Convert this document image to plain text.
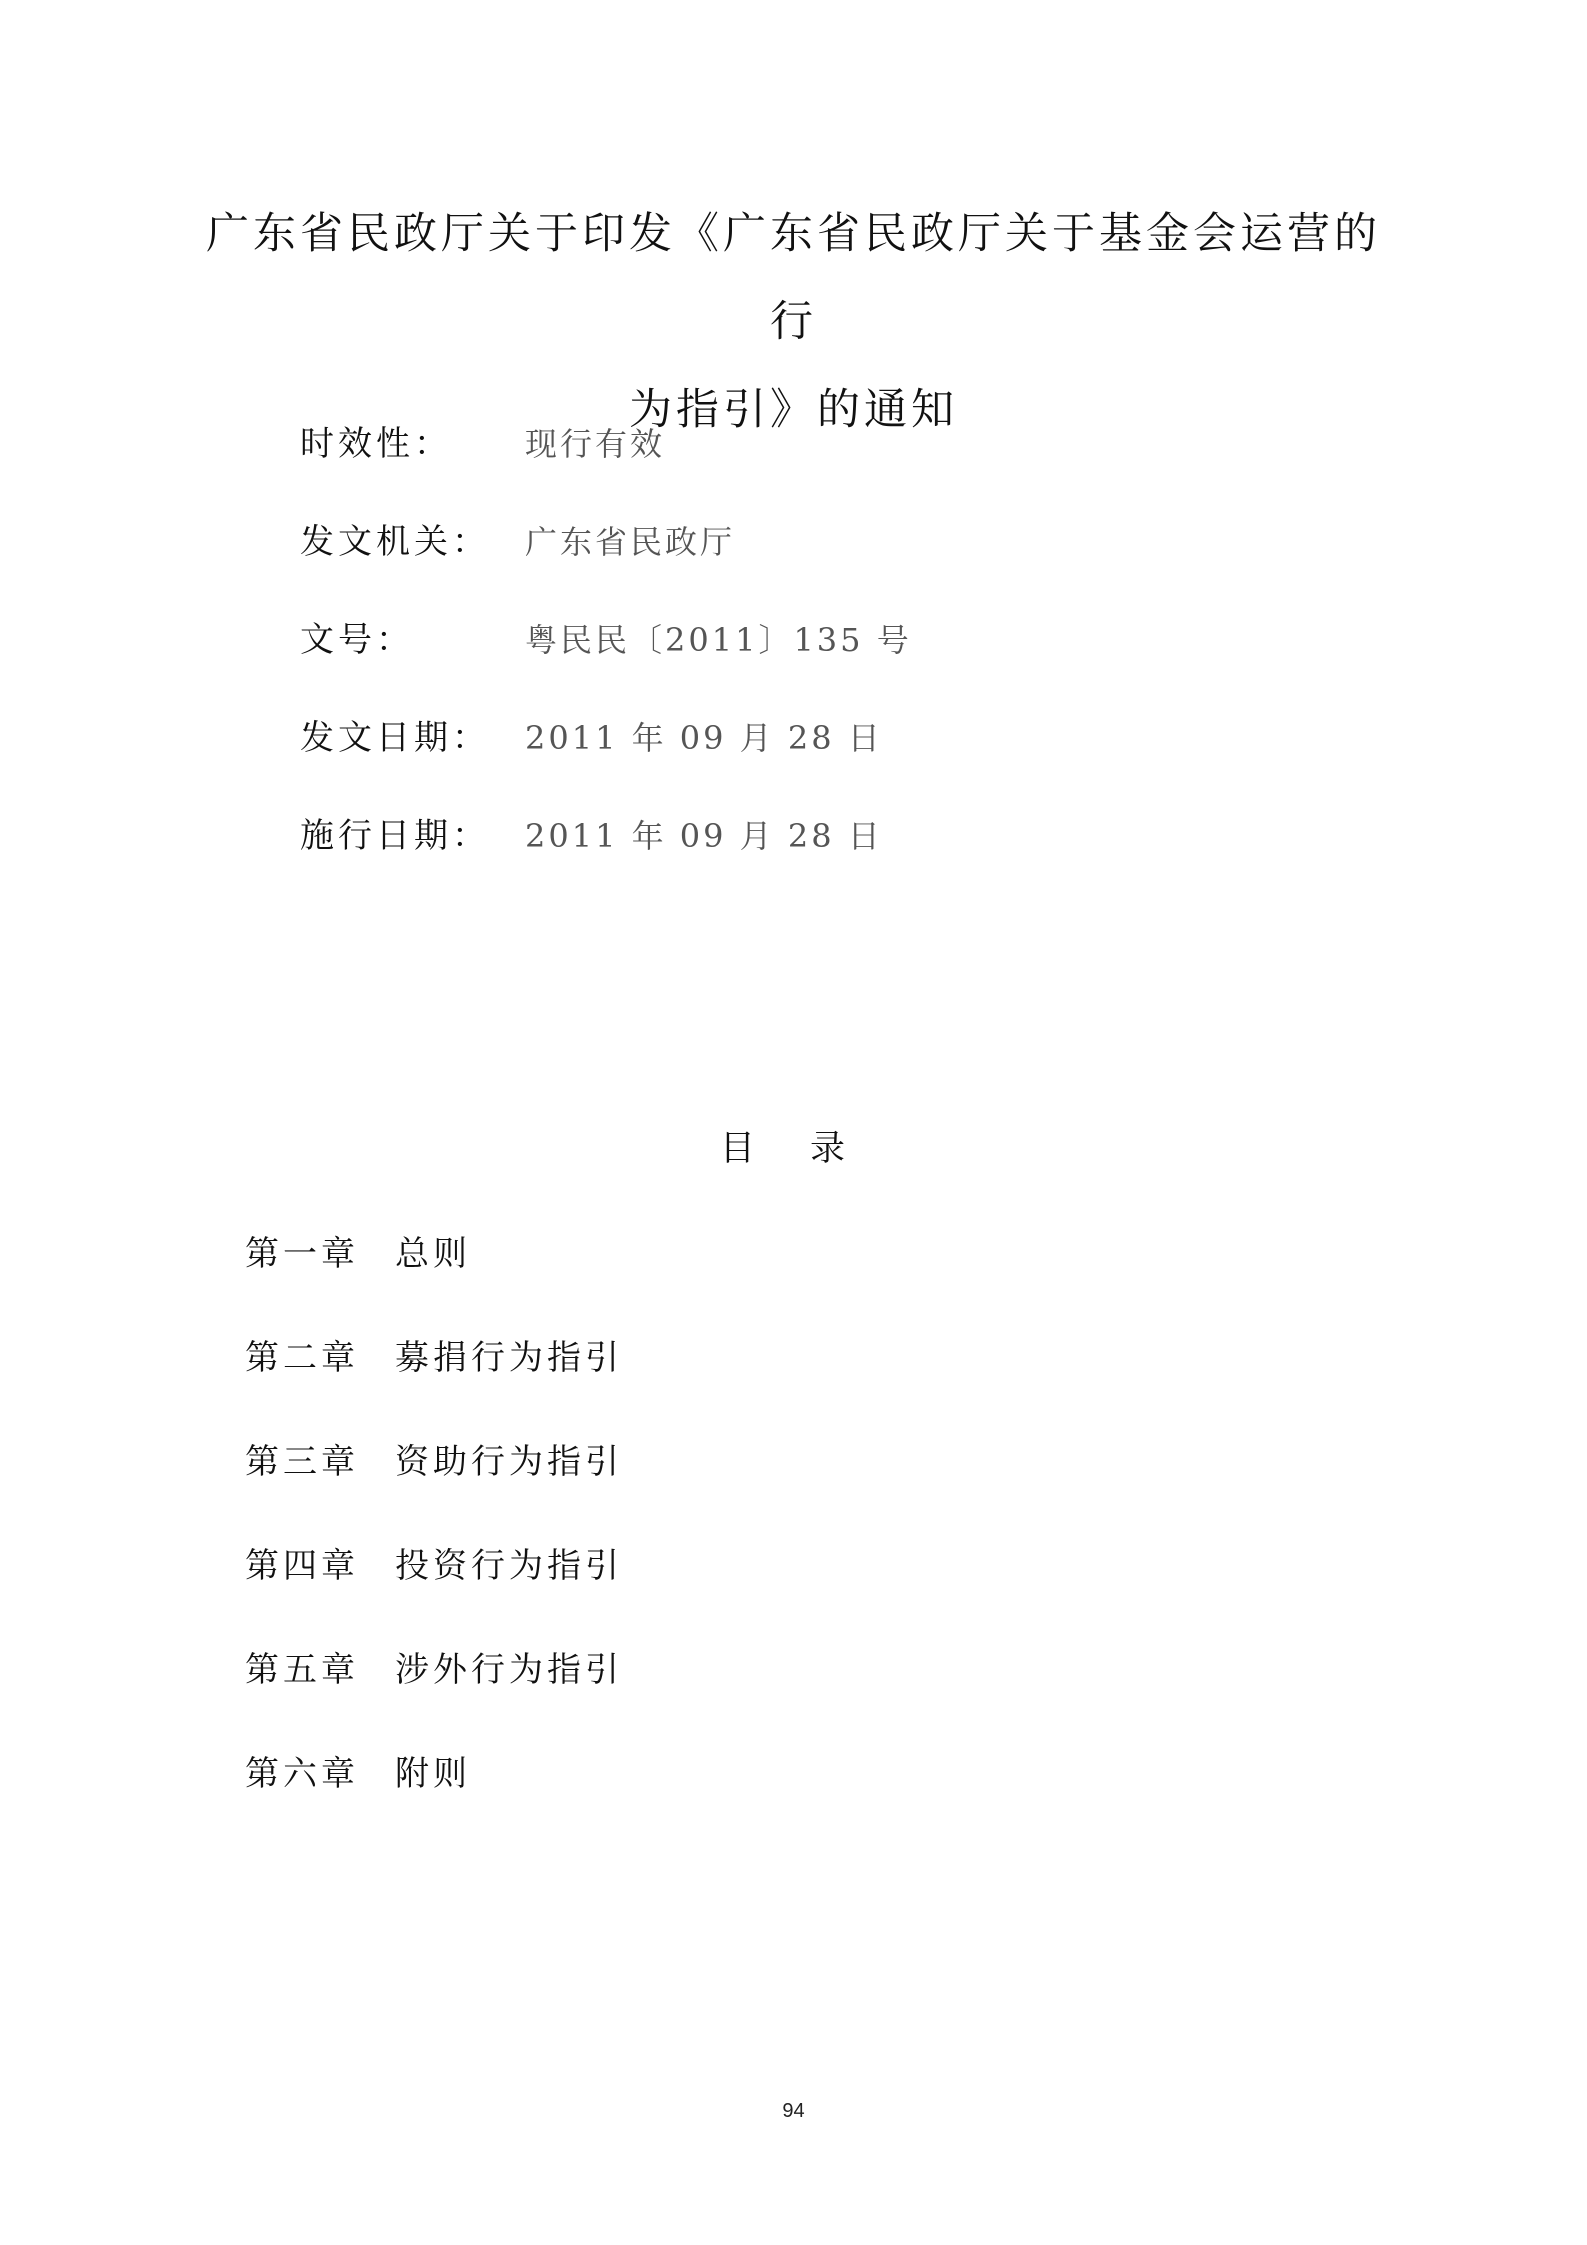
广东省民政厅关于印发《广东省民政厅关于基金会运营的行
为指引》的通知
时效性： 现行有效
发文机关： 广东省民政厅
文号：	粤民民〔2011〕135 号
发文日期： 2011 年 09 月 28 日
施行日期： 2011 年 09 月 28 日
目 录
第一章 总则
第二章 募捐行为指引
第三章 资助行为指引
第四章 投资行为指引
第五章 涉外行为指引
第六章 附则
94
